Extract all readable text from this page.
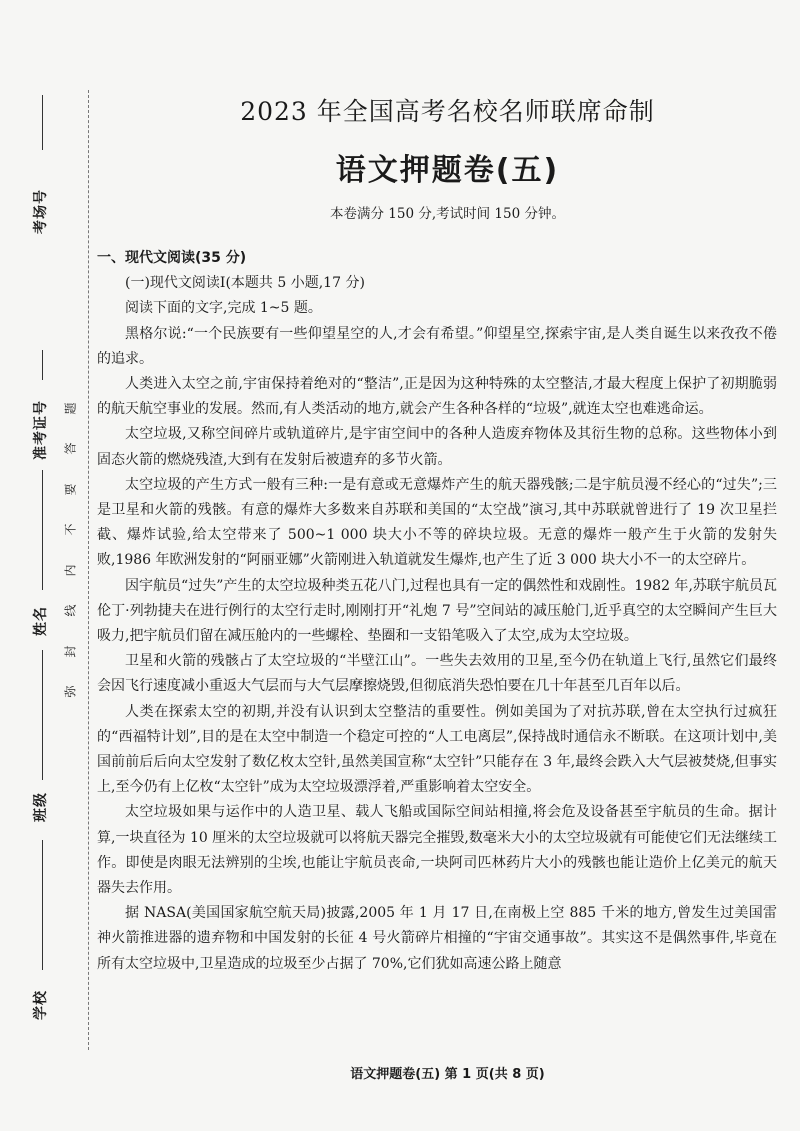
考场号
准考证号
姓名
班级
学校
题
答
要
不
内
线
封
弥
2023 年全国高考名校名师联席命制
语文押题卷(五)
本卷满分 150 分,考试时间 150 分钟。

一、现代文阅读(35 分)

(一)现代文阅读Ⅰ(本题共 5 小题,17 分)

阅读下面的文字,完成 1~5 题。

黑格尔说:“一个民族要有一些仰望星空的人,才会有希望。”仰望星空,探索宇宙,是人类自诞生以来孜孜不倦的追求。

人类进入太空之前,宇宙保持着绝对的“整洁”,正是因为这种特殊的太空整洁,才最大程度上保护了初期脆弱的航天航空事业的发展。然而,有人类活动的地方,就会产生各种各样的“垃圾”,就连太空也难逃命运。

太空垃圾,又称空间碎片或轨道碎片,是宇宙空间中的各种人造废弃物体及其衍生物的总称。这些物体小到固态火箭的燃烧残渣,大到有在发射后被遗弃的多节火箭。

太空垃圾的产生方式一般有三种:一是有意或无意爆炸产生的航天器残骸;二是宇航员漫不经心的“过失”;三是卫星和火箭的残骸。有意的爆炸大多数来自苏联和美国的“太空战”演习,其中苏联就曾进行了 19 次卫星拦截、爆炸试验,给太空带来了 500~1 000 块大小不等的碎块垃圾。无意的爆炸一般产生于火箭的发射失败,1986 年欧洲发射的“阿丽亚娜”火箭刚进入轨道就发生爆炸,也产生了近 3 000 块大小不一的太空碎片。

因宇航员“过失”产生的太空垃圾种类五花八门,过程也具有一定的偶然性和戏剧性。1982 年,苏联宇航员瓦伦丁·列勃捷夫在进行例行的太空行走时,刚刚打开“礼炮 7 号”空间站的减压舱门,近乎真空的太空瞬间产生巨大吸力,把宇航员们留在减压舱内的一些螺栓、垫圈和一支铅笔吸入了太空,成为太空垃圾。

卫星和火箭的残骸占了太空垃圾的“半壁江山”。一些失去效用的卫星,至今仍在轨道上飞行,虽然它们最终会因飞行速度减小重返大气层而与大气层摩擦烧毁,但彻底消失恐怕要在几十年甚至几百年以后。

人类在探索太空的初期,并没有认识到太空整洁的重要性。例如美国为了对抗苏联,曾在太空执行过疯狂的“西福特计划”,目的是在太空中制造一个稳定可控的“人工电离层”,保持战时通信永不断联。在这项计划中,美国前前后后向太空发射了数亿枚太空针,虽然美国宣称“太空针”只能存在 3 年,最终会跌入大气层被焚烧,但事实上,至今仍有上亿枚“太空针”成为太空垃圾漂浮着,严重影响着太空安全。

太空垃圾如果与运作中的人造卫星、载人飞船或国际空间站相撞,将会危及设备甚至宇航员的生命。据计算,一块直径为 10 厘米的太空垃圾就可以将航天器完全摧毁,数毫米大小的太空垃圾就有可能使它们无法继续工作。即使是肉眼无法辨别的尘埃,也能让宇航员丧命,一块阿司匹林药片大小的残骸也能让造价上亿美元的航天器失去作用。

据 NASA(美国国家航空航天局)披露,2005 年 1 月 17 日,在南极上空 885 千米的地方,曾发生过美国雷神火箭推进器的遗弃物和中国发射的长征 4 号火箭碎片相撞的“宇宙交通事故”。其实这不是偶然事件,毕竟在所有太空垃圾中,卫星造成的垃圾至少占据了 70%,它们犹如高速公路上随意

语文押题卷(五) 第 1 页(共 8 页)
